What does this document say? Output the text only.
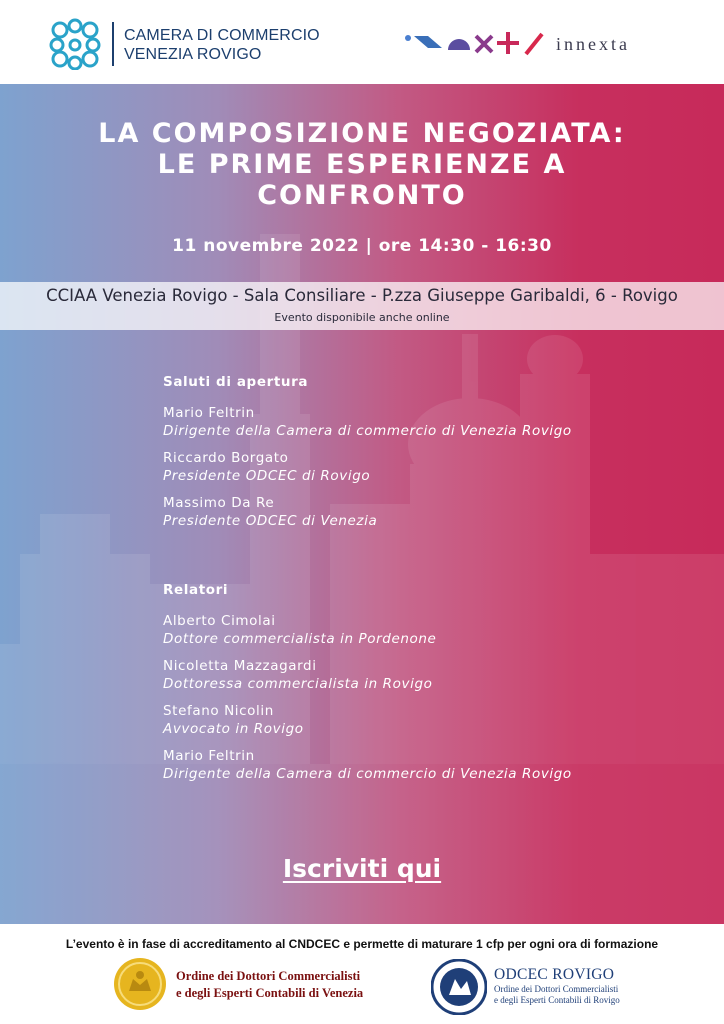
CAMERA DI COMMERCIO
VENEZIA ROVIGO
innexta
LA COMPOSIZIONE NEGOZIATA:
LE PRIME ESPERIENZE A
CONFRONTO
11 novembre 2022 | ore 14:30 - 16:30
CCIAA Venezia Rovigo - Sala Consiliare - P.zza Giuseppe Garibaldi, 6 - Rovigo
Evento disponibile anche online
Saluti di apertura
Mario Feltrin
Dirigente della Camera di commercio di Venezia Rovigo
Riccardo Borgato
Presidente ODCEC di Rovigo
Massimo Da Re
Presidente ODCEC di Venezia
Relatori
Alberto Cimolai
Dottore commercialista in Pordenone
Nicoletta Mazzagardi
Dottoressa commercialista in Rovigo
Stefano Nicolin
Avvocato in Rovigo
Mario Feltrin
Dirigente della Camera di commercio di Venezia Rovigo
Iscriviti qui
L’evento è in fase di accreditamento al CNDCEC e permette di maturare 1 cfp per ogni ora di formazione
Ordine dei Dottori Commercialisti
e degli Esperti Contabili di Venezia
ODCEC ROVIGO
Ordine dei Dottori Commercialisti
e degli Esperti Contabili di Rovigo
